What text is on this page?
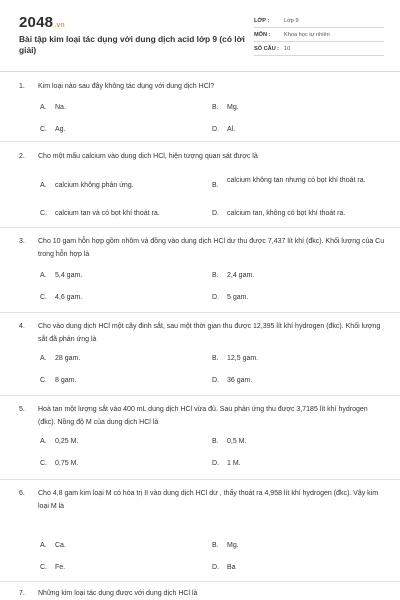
2048.vn
Bài tập kim loại tác dụng với dung dịch acid lớp 9 (có lời giải)
LỚP :	Lớp 9
MÔN :	Khoa học tự nhiên
SỐ CÂU : 10
1. Kim loại nào sau đây không tác dụng với dung dịch HCl?
A. Na.	B. Mg.
C. Ag.	D. Al.
2. Cho một mẩu calcium vào dung dịch HCl, hiện tượng quan sát được là
A. calcium không phản ứng.	B.
calcium không tan nhưng có bọt khí thoát ra.
C. calcium tan và có bọt khí thoát ra.	D. calcium tan, không có bọt khí thoát ra.
3. Cho 10 gam hỗn hợp gồm nhôm và đồng vào dung dịch HCl dư thu được 7,437 lít khí (đkc). Khối lượng của Cu trong hỗn hợp là
A. 5,4 gam.	B. 2,4 gam.
C. 4,6 gam.	D. 5 gam.
4. Cho vào dung dịch HCl một cây đinh sắt, sau một thời gian thu được 12,395 lít khí hydrogen (đkc). Khối lượng sắt đã phản ứng là
A. 28 gam.	B. 12,5 gam.
C. 8 gam.	D. 36 gam.
5. Hoà tan một lượng sắt vào 400 mL dung dịch HCl vừa đủ. Sau phản ứng thu được 3,7185 lít khí hydrogen (đkc). Nồng độ M của dung dịch HCl là
A. 0,25 M.	B. 0,5 M.
C. 0,75 M.	D. 1 M.
6. Cho 4,8 gam kim loại M có hóa trị II vào dung dịch HCl dư , thấy thoát ra 4,958 lít khí hydrogen (đkc). Vậy kim loại M là
A. Ca.	B. Mg.
C. Fe.	D. Ba
7. Những kim loại tác dụng được với dung dịch HCl là
